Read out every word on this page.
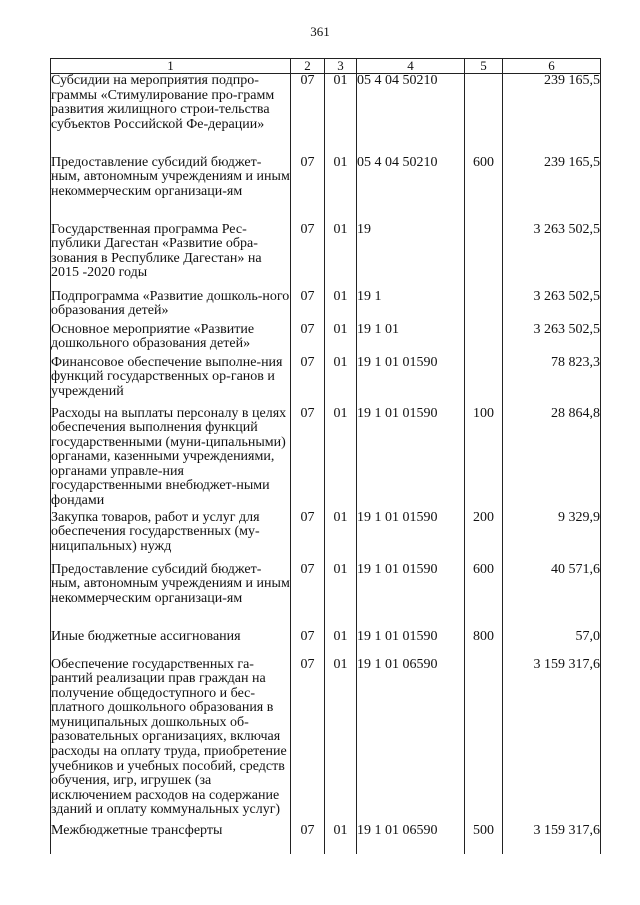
361
1	2	3	4	5	6
Субсидии на мероприятия подпро-граммы «Стимулирование про-грамм развития жилищного строи-тельства субъектов Российской Фе-дерации»	07	01	05 4 04 50210		239 165,5
Предоставление субсидий бюджет-ным, автономным учреждениям и иным некоммерческим организаци-ям	07	01	05 4 04 50210	600	239 165,5
Государственная программа Рес-публики Дагестан «Развитие обра-зования в Республике Дагестан» на 2015 -2020 годы	07	01	19		3 263 502,5
Подпрограмма «Развитие дошколь-ного образования детей»	07	01	19 1		3 263 502,5
Основное мероприятие «Развитие дошкольного образования детей»	07	01	19 1 01		3 263 502,5
Финансовое обеспечение выполне-ния функций государственных ор-ганов и учреждений	07	01	19 1 01 01590		78 823,3
Расходы на выплаты персоналу в целях обеспечения выполнения функций государственными (муни-ципальными) органами, казенными учреждениями, органами управле-ния государственными внебюджет-ными фондами	07	01	19 1 01 01590	100	28 864,8
Закупка товаров, работ и услуг для обеспечения государственных (му-ниципальных) нужд	07	01	19 1 01 01590	200	9 329,9
Предоставление субсидий бюджет-ным, автономным учреждениям и иным некоммерческим организаци-ям	07	01	19 1 01 01590	600	40 571,6
Иные бюджетные ассигнования	07	01	19 1 01 01590	800	57,0
Обеспечение государственных га-рантий реализации прав граждан на получение общедоступного и бес-платного дошкольного образования в муниципальных дошкольных об-разовательных организациях, включая расходы на оплату труда, приобретение учебников и учебных пособий, средств обучения, игр, игрушек (за исключением расходов на содержание зданий и оплату коммунальных услуг)	07	01	19 1 01 06590		3 159 317,6
Межбюджетные трансферты	07	01	19 1 01 06590	500	3 159 317,6
